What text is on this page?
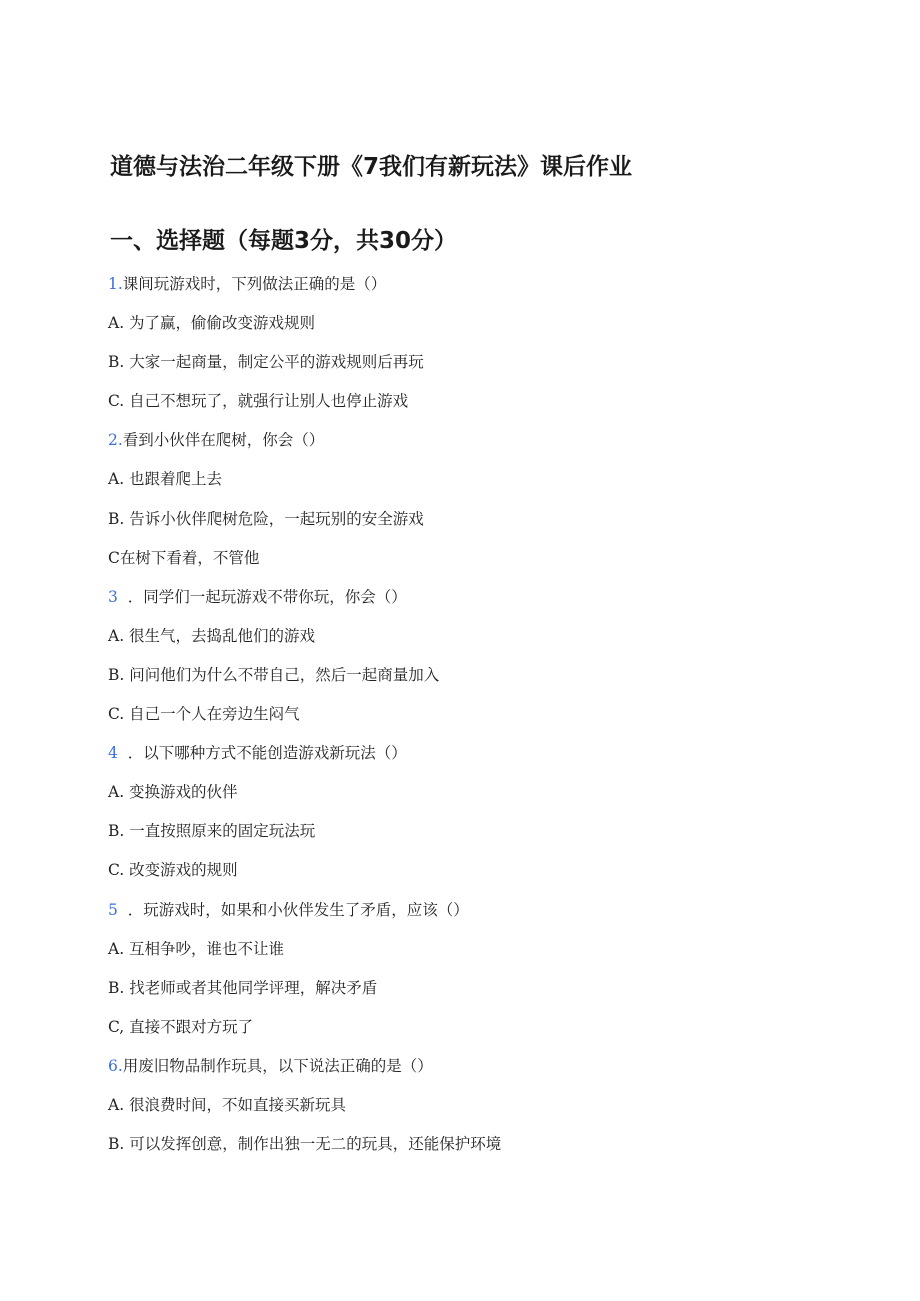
道德与法治二年级下册《7我们有新玩法》课后作业
一、选择题（每题3分，共30分）
1.课间玩游戏时，下列做法正确的是（）
A. 为了赢，偷偷改变游戏规则
B. 大家一起商量，制定公平的游戏规则后再玩
C. 自己不想玩了，就强行让别人也停止游戏
2.看到小伙伴在爬树，你会（）
A. 也跟着爬上去
B. 告诉小伙伴爬树危险，一起玩别的安全游戏
C在树下看着，不管他
3 ．同学们一起玩游戏不带你玩，你会（）
A. 很生气，去捣乱他们的游戏
B. 问问他们为什么不带自己，然后一起商量加入
C. 自己一个人在旁边生闷气
4 ．以下哪种方式不能创造游戏新玩法（）
A. 变换游戏的伙伴
B. 一直按照原来的固定玩法玩
C. 改变游戏的规则
5 ．玩游戏时，如果和小伙伴发生了矛盾，应该（）
A. 互相争吵，谁也不让谁
B. 找老师或者其他同学评理，解决矛盾
C, 直接不跟对方玩了
6.用废旧物品制作玩具，以下说法正确的是（）
A. 很浪费时间，不如直接买新玩具
B. 可以发挥创意，制作出独一无二的玩具，还能保护环境
